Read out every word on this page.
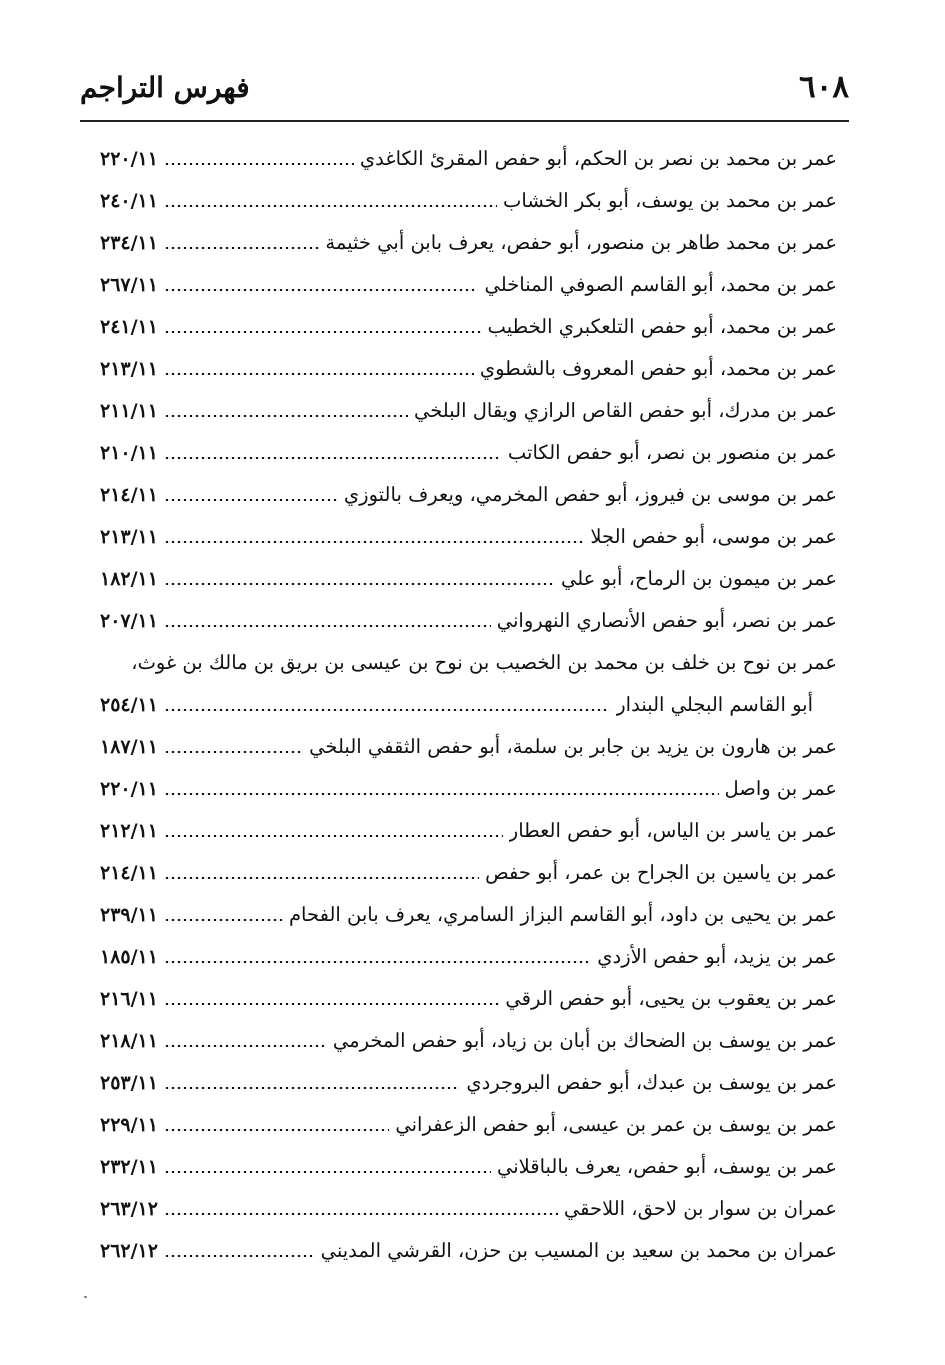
٦٠٨
فهرس التراجم
عمر بن محمد بن نصر بن الحكم، أبو حفص المقرئ الكاغدي
٢٢٠/١١
عمر بن محمد بن يوسف، أبو بكر الخشاب
٢٤٠/١١
عمر بن محمد طاهر بن منصور، أبو حفص، يعرف بابن أبي خثيمة
٢٣٤/١١
عمر بن محمد، أبو القاسم الصوفي المناخلي
٢٦٧/١١
عمر بن محمد، أبو حفص التلعكبري الخطيب
٢٤١/١١
عمر بن محمد، أبو حفص المعروف بالشطوي
٢١٣/١١
عمر بن مدرك، أبو حفص القاص الرازي ويقال البلخي
٢١١/١١
عمر بن منصور بن نصر، أبو حفص الكاتب
٢١٠/١١
عمر بن موسى بن فيروز، أبو حفص المخرمي، ويعرف بالتوزي
٢١٤/١١
عمر بن موسى، أبو حفص الجلا
٢١٣/١١
عمر بن ميمون بن الرماح، أبو علي
١٨٢/١١
عمر بن نصر، أبو حفص الأنصاري النهرواني
٢٠٧/١١
عمر بن نوح بن خلف بن محمد بن الخصيب بن نوح بن عيسى بن بريق بن مالك بن غوث،
أبو القاسم البجلي البندار
٢٥٤/١١
عمر بن هارون بن يزيد بن جابر بن سلمة، أبو حفص الثقفي البلخي
١٨٧/١١
عمر بن واصل
٢٢٠/١١
عمر بن ياسر بن الياس، أبو حفص العطار
٢١٢/١١
عمر بن ياسين بن الجراح بن عمر، أبو حفص
٢١٤/١١
عمر بن يحيى بن داود، أبو القاسم البزاز السامري، يعرف بابن الفحام
٢٣٩/١١
عمر بن يزيد، أبو حفص الأزدي
١٨٥/١١
عمر بن يعقوب بن يحيى، أبو حفص الرقي
٢١٦/١١
عمر بن يوسف بن الضحاك بن أبان بن زياد، أبو حفص المخرمي
٢١٨/١١
عمر بن يوسف بن عبدك، أبو حفص البروجردي
٢٥٣/١١
عمر بن يوسف بن عمر بن عيسى، أبو حفص الزعفراني
٢٢٩/١١
عمر بن يوسف، أبو حفص، يعرف بالباقلاني
٢٣٢/١١
عمران بن سوار بن لاحق، اللاحقي
٢٦٣/١٢
عمران بن محمد بن سعيد بن المسيب بن حزن، القرشي المديني
٢٦٢/١٢
